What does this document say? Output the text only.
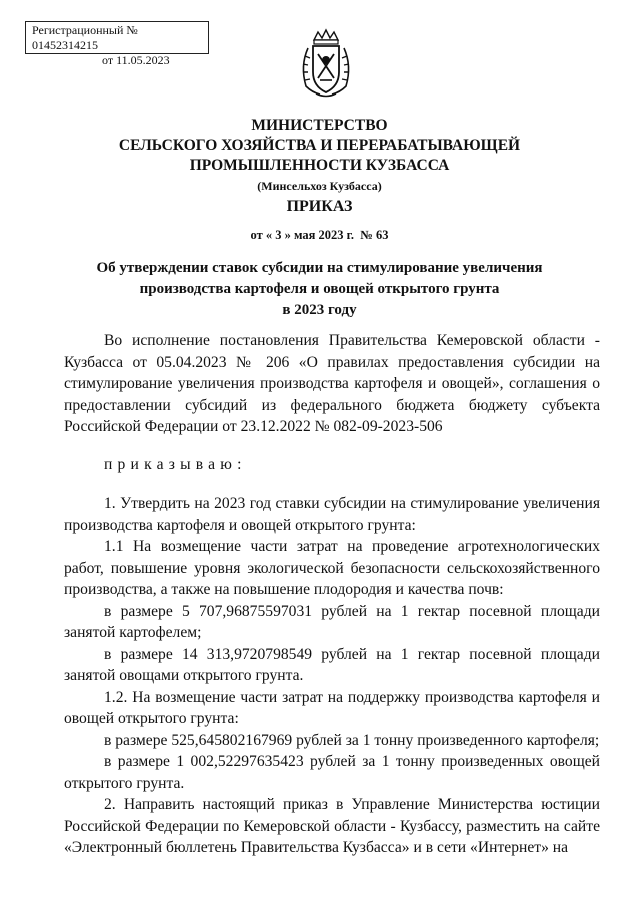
Регистрационный № 01452314215
от 11.05.2023
МИНИСТЕРСТВО
СЕЛЬСКОГО ХОЗЯЙСТВА И ПЕРЕРАБАТЫВАЮЩЕЙ
ПРОМЫШЛЕННОСТИ КУЗБАССА
(Минсельхоз Кузбасса)
ПРИКАЗ
от « 3 » мая 2023 г.  № 63
Об утверждении ставок субсидии на стимулирование увеличения
производства картофеля и овощей открытого грунта
в 2023 году

Во исполнение постановления Правительства Кемеровской области - Кузбасса от 05.04.2023 № 206 «О правилах предоставления субсидии на стимулирование увеличения производства картофеля и овощей», соглашения о предоставлении субсидий из федерального бюджета бюджету субъекта Российской Федерации от 23.12.2022 № 082-09-2023-506

приказываю:

1. Утвердить на 2023 год ставки субсидии на стимулирование увеличения производства картофеля и овощей открытого грунта:

1.1 На возмещение части затрат на проведение агротехнологических работ, повышение уровня экологической безопасности сельскохозяйственного производства, а также на повышение плодородия и качества почв:

в размере 5 707,96875597031 рублей на 1 гектар посевной площади занятой картофелем;

в размере 14 313,9720798549 рублей на 1 гектар посевной площади занятой овощами открытого грунта.

1.2. На возмещение части затрат на поддержку производства картофеля и овощей открытого грунта:

в размере 525,645802167969 рублей за 1 тонну произведенного картофеля;

в размере 1 002,52297635423 рублей за 1 тонну произведенных овощей открытого грунта.

2. Направить настоящий приказ в Управление Министерства юстиции Российской Федерации по Кемеровской области - Кузбассу, разместить на сайте «Электронный бюллетень Правительства Кузбасса» и в сети «Интернет» на
